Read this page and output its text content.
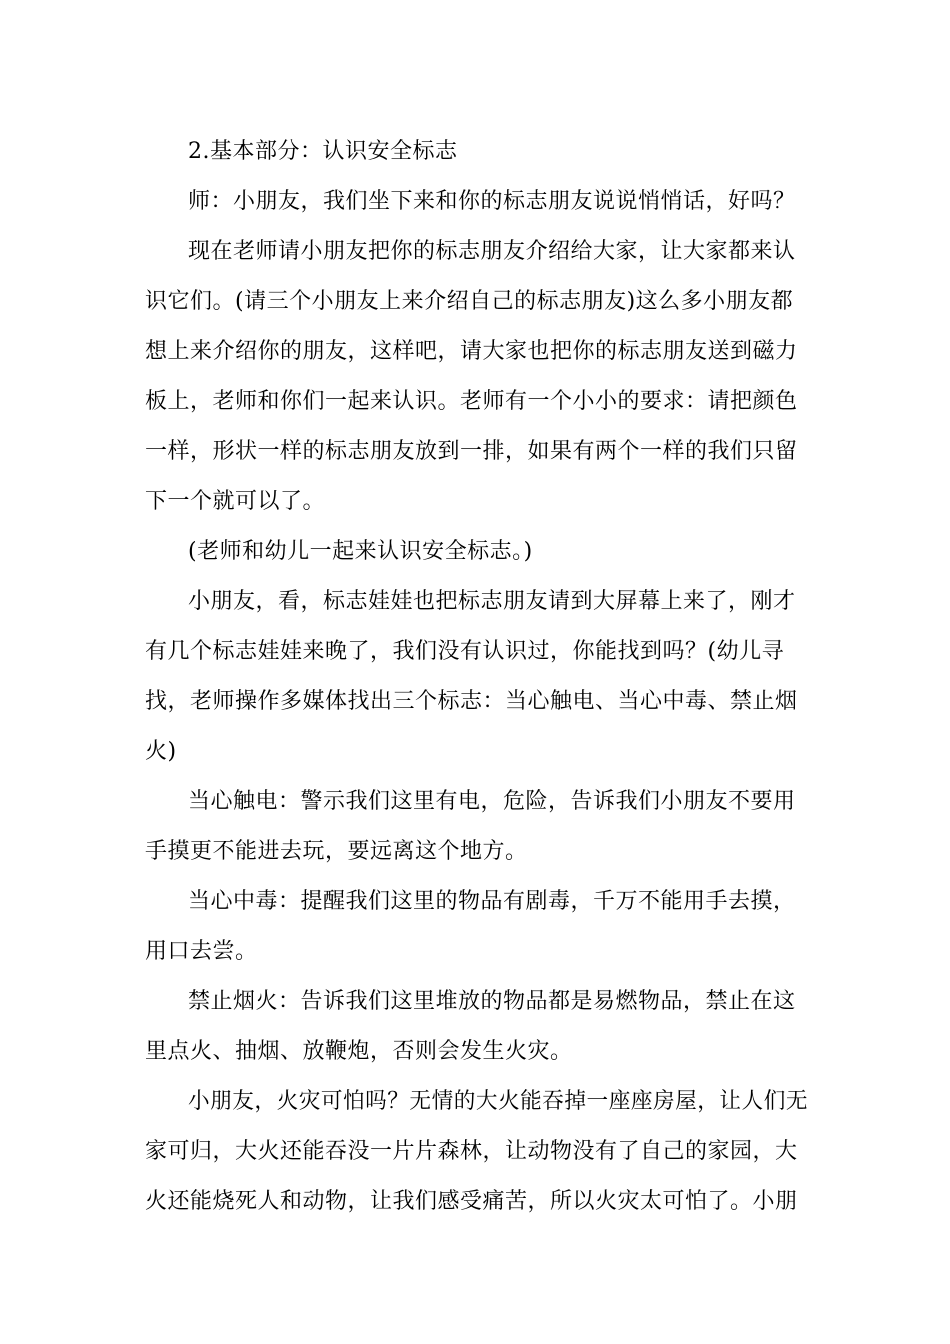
2.基本部分：认识安全标志
师：小朋友，我们坐下来和你的标志朋友说说悄悄话，好吗？
现在老师请小朋友把你的标志朋友介绍给大家，让大家都来认
识它们。(请三个小朋友上来介绍自己的标志朋友)这么多小朋友都
想上来介绍你的朋友，这样吧，请大家也把你的标志朋友送到磁力
板上，老师和你们一起来认识。老师有一个小小的要求：请把颜色
一样，形状一样的标志朋友放到一排，如果有两个一样的我们只留
下一个就可以了。
(老师和幼儿一起来认识安全标志。)
小朋友，看，标志娃娃也把标志朋友请到大屏幕上来了，刚才
有几个标志娃娃来晚了，我们没有认识过，你能找到吗？(幼儿寻
找，老师操作多媒体找出三个标志：当心触电、当心中毒、禁止烟
火)
当心触电：警示我们这里有电，危险，告诉我们小朋友不要用
手摸更不能进去玩，要远离这个地方。
当心中毒：提醒我们这里的物品有剧毒，千万不能用手去摸，
用口去尝。
禁止烟火：告诉我们这里堆放的物品都是易燃物品，禁止在这
里点火、抽烟、放鞭炮，否则会发生火灾。
小朋友，火灾可怕吗？无情的大火能吞掉一座座房屋，让人们无
家可归，大火还能吞没一片片森林，让动物没有了自己的家园，大
火还能烧死人和动物，让我们感受痛苦，所以火灾太可怕了。小朋
